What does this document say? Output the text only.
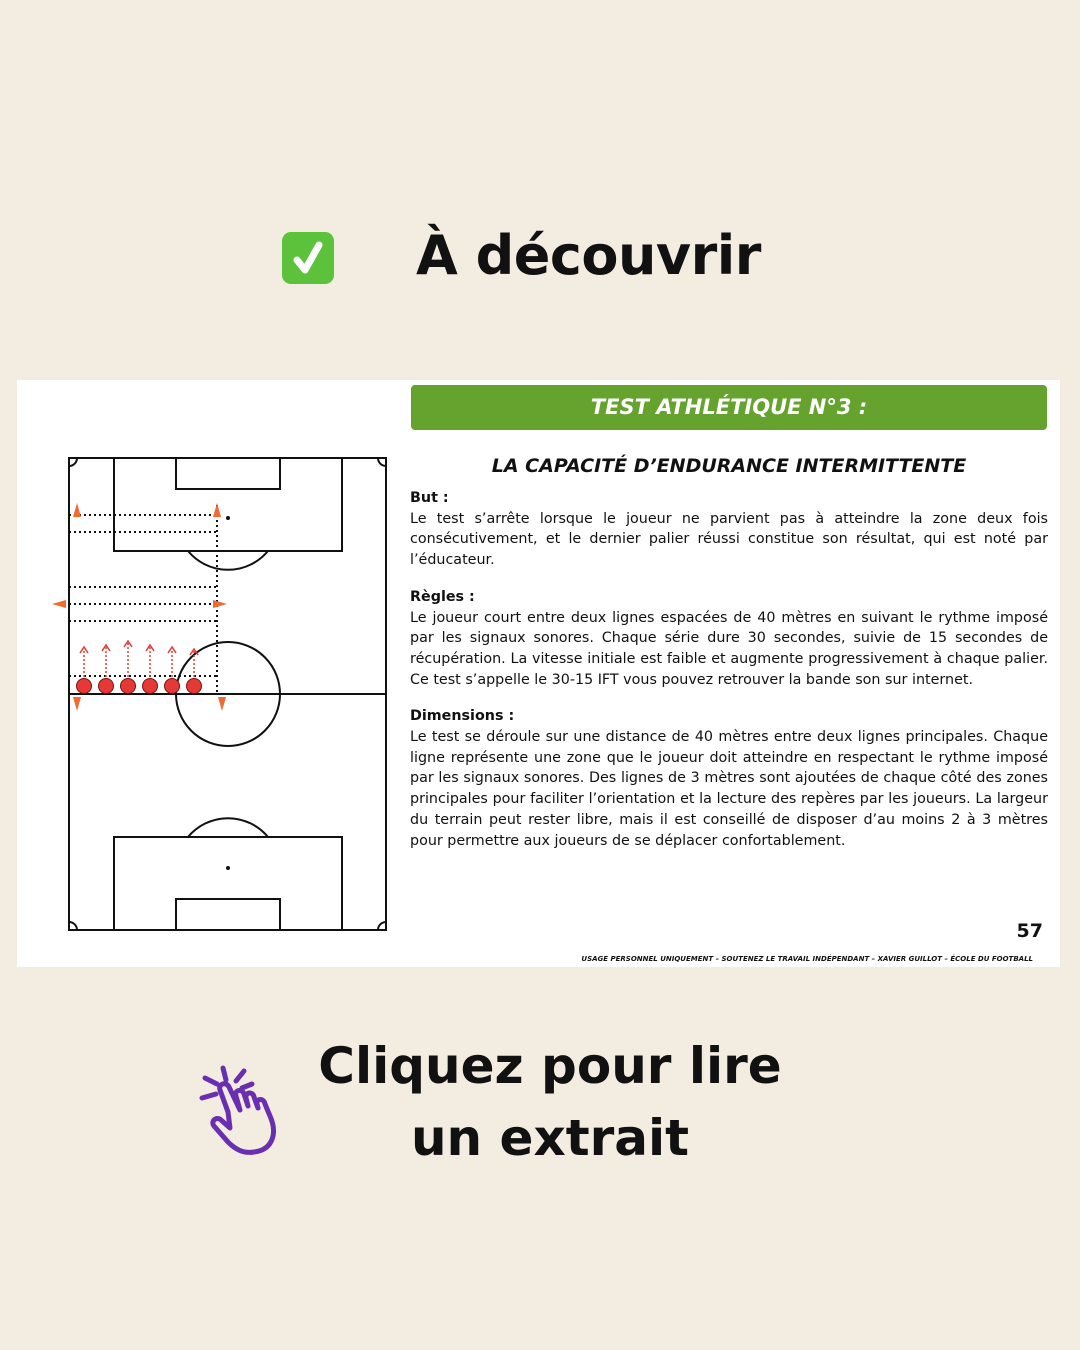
À découvrir
TEST ATHLÉTIQUE N°3 :
LA CAPACITÉ D’ENDURANCE INTERMITTENTE
But :
Le test s’arrête lorsque le joueur ne parvient pas à atteindre la zone deux fois consécutivement, et le dernier palier réussi constitue son résultat, qui est noté par l’éducateur.
Règles :
Le joueur court entre deux lignes espacées de 40 mètres en suivant le rythme imposé par les signaux sonores. Chaque série dure 30 secondes, suivie de 15 secondes de récupération. La vitesse initiale est faible et augmente progressivement à chaque palier. Ce test s’appelle le 30-15 IFT vous pouvez retrouver la bande son sur internet.
Dimensions :
Le test se déroule sur une distance de 40 mètres entre deux lignes principales. Chaque ligne représente une zone que le joueur doit atteindre en respectant le rythme imposé par les signaux sonores. Des lignes de 3 mètres sont ajoutées de chaque côté des zones principales pour faciliter l’orientation et la lecture des repères par les joueurs. La largeur du terrain peut rester libre, mais il est conseillé de disposer d’au moins 2 à 3 mètres pour permettre aux joueurs de se déplacer confortablement.
57
USAGE PERSONNEL UNIQUEMENT – SOUTENEZ LE TRAVAIL INDÉPENDANT – XAVIER GUILLOT – ÉCOLE DU FOOTBALL
Cliquez pour lire
un extrait
